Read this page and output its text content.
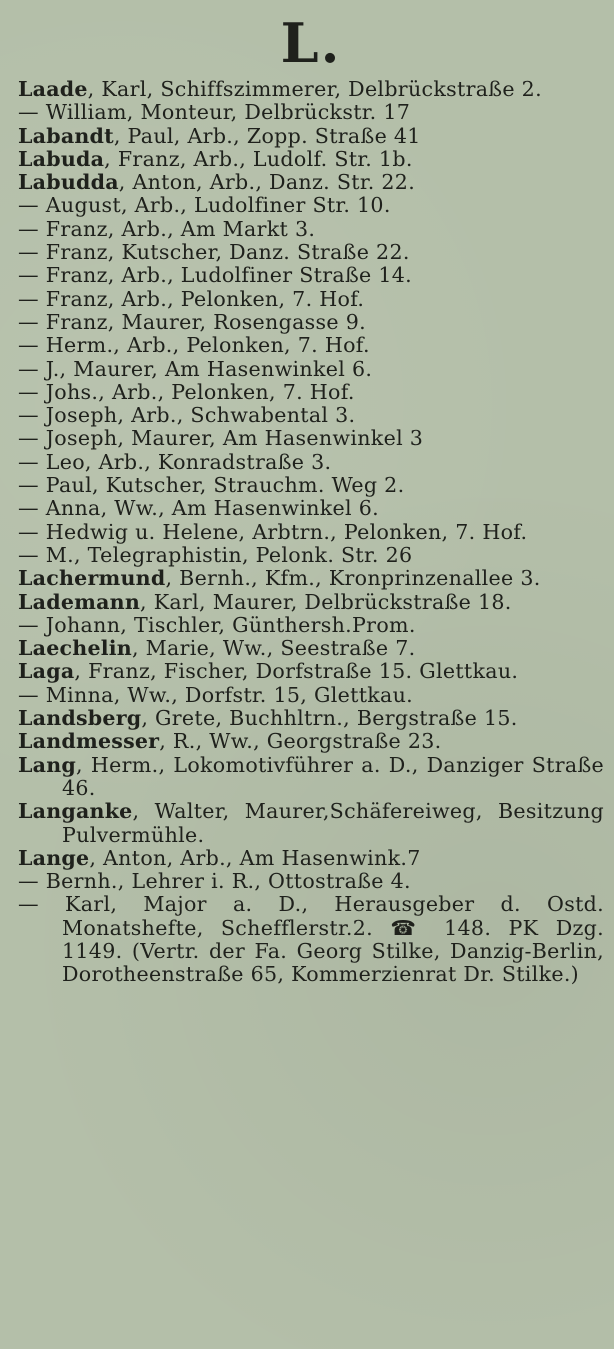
L.
Laade, Karl, Schiffszimmerer, Delbrückstraße 2.
— William, Monteur, Delbrückstr. 17
Labandt, Paul, Arb., Zopp. Straße 41
Labuda, Franz, Arb., Ludolf. Str. 1b.
Labudda, Anton, Arb., Danz. Str. 22.
— August, Arb., Ludolfiner Str. 10.
— Franz, Arb., Am Markt 3.
— Franz, Kutscher, Danz. Straße 22.
— Franz, Arb., Ludolfiner Straße 14.
— Franz, Arb., Pelonken, 7. Hof.
— Franz, Maurer, Rosengasse 9.
— Herm., Arb., Pelonken, 7. Hof.
— J., Maurer, Am Hasenwinkel 6.
— Johs., Arb., Pelonken, 7. Hof.
— Joseph, Arb., Schwabental 3.
— Joseph, Maurer, Am Hasenwinkel 3
— Leo, Arb., Konradstraße 3.
— Paul, Kutscher, Strauchm. Weg 2.
— Anna, Ww., Am Hasenwinkel 6.
— Hedwig u. Helene, Arbtrn., Pelonken, 7. Hof.
— M., Telegraphistin, Pelonk. Str. 26
Lachermund, Bernh., Kfm., Kronprinzenallee 3.
Lademann, Karl, Maurer, Delbrückstraße 18.
— Johann, Tischler, Günthersh.Prom.
Laechelin, Marie, Ww., Seestraße 7.
Laga, Franz, Fischer, Dorfstraße 15. Glettkau.
— Minna, Ww., Dorfstr. 15, Glettkau.
Landsberg, Grete, Buchhltrn., Bergstraße 15.
Landmesser, R., Ww., Georgstraße 23.
Lang, Herm., Lokomotivführer a. D., Danziger Straße 46.
Langanke, Walter, Maurer,Schäfereiweg, Besitzung Pulvermühle.
Lange, Anton, Arb., Am Hasenwink.7
— Bernh., Lehrer i. R., Ottostraße 4.
— Karl, Major a. D., Herausgeber d. Ostd. Monatshefte, Schefflerstr.2. ☎ 148. PK Dzg. 1149. (Vertr. der Fa. Georg Stilke, Danzig-Berlin, Dorotheenstraße 65, Kommerzienrat Dr. Stilke.)
